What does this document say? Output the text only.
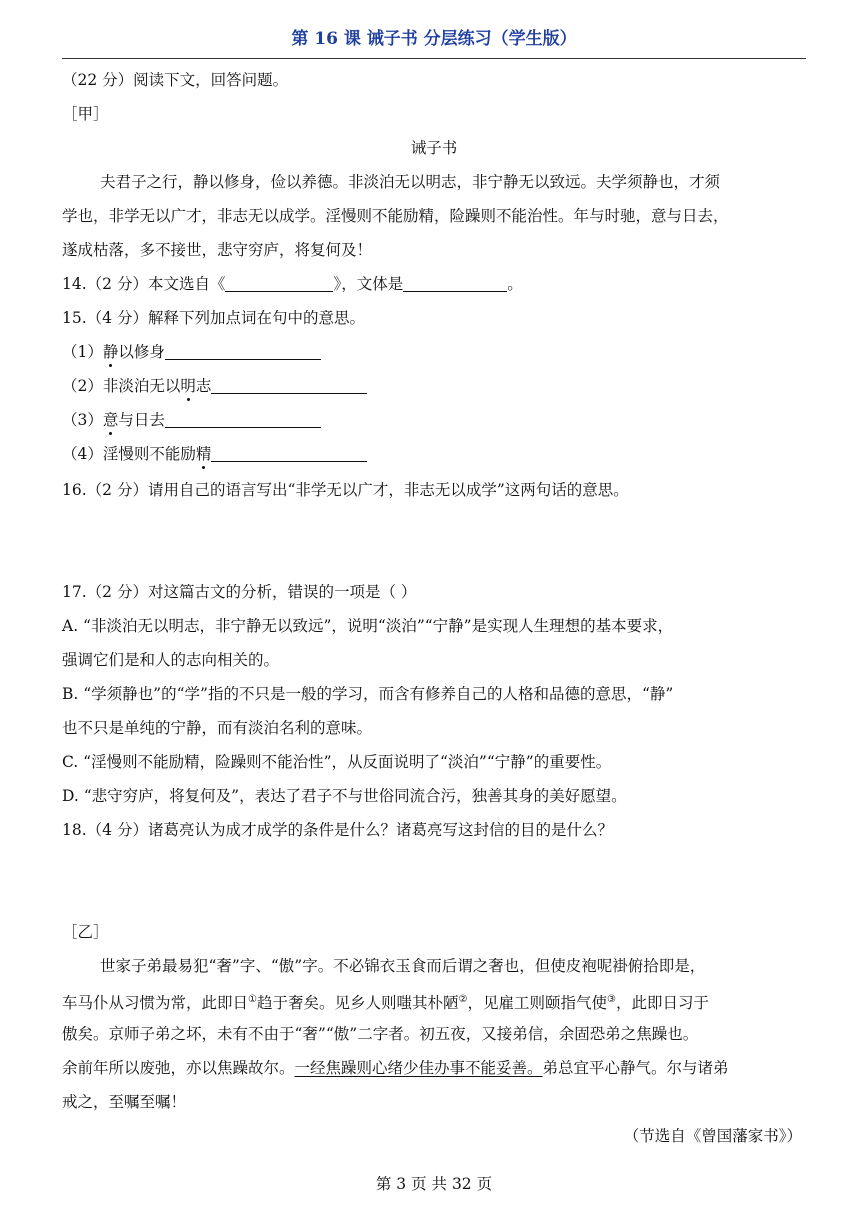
第 16 课 诫子书 分层练习（学生版）
（22 分）阅读下文，回答问题。
［甲］
诫子书
夫君子之行，静以修身，俭以养德。非淡泊无以明志，非宁静无以致远。夫学须静也，才须
学也，非学无以广才，非志无以成学。淫慢则不能励精，险躁则不能治性。年与时驰，意与日去，
遂成枯落，多不接世，悲守穷庐，将复何及！
14.（2 分）本文选自《	》，文体是	。
15.（4 分）解释下列加点词在句中的意思。
（1）静以修身
（2）非淡泊无以明志
（3）意与日去
（4）淫慢则不能励精
16.（2 分）请用自己的语言写出“非学无以广才，非志无以成学”这两句话的意思。
17.（2 分）对这篇古文的分析，错误的一项是（ ）
A. “非淡泊无以明志，非宁静无以致远”，说明“淡泊”“宁静”是实现人生理想的基本要求，
强调它们是和人的志向相关的。
B. “学须静也”的“学”指的不只是一般的学习，而含有修养自己的人格和品德的意思，“静”
也不只是单纯的宁静，而有淡泊名利的意味。
C. “淫慢则不能励精，险躁则不能治性”，从反面说明了“淡泊”“宁静”的重要性。
D. “悲守穷庐，将复何及”，表达了君子不与世俗同流合污，独善其身的美好愿望。
18.（4 分）诸葛亮认为成才成学的条件是什么？诸葛亮写这封信的目的是什么？
［乙］
世家子弟最易犯“奢”字、“傲”字。不必锦衣玉食而后谓之奢也，但使皮袍呢褂俯拾即是，
车马仆从习惯为常，此即日①趋于奢矣。见乡人则嗤其朴陋②，见雇工则颐指气使③，此即日习于
傲矣。京师子弟之坏，未有不由于“奢”“傲”二字者。初五夜，又接弟信，余固恐弟之焦躁也。
余前年所以废弛，亦以焦躁故尔。一经焦躁则心绪少佳办事不能妥善。弟总宜平心静气。尔与诸弟
戒之，至嘱至嘱！
（节选自《曾国藩家书》）
第 3 页 共 32 页
